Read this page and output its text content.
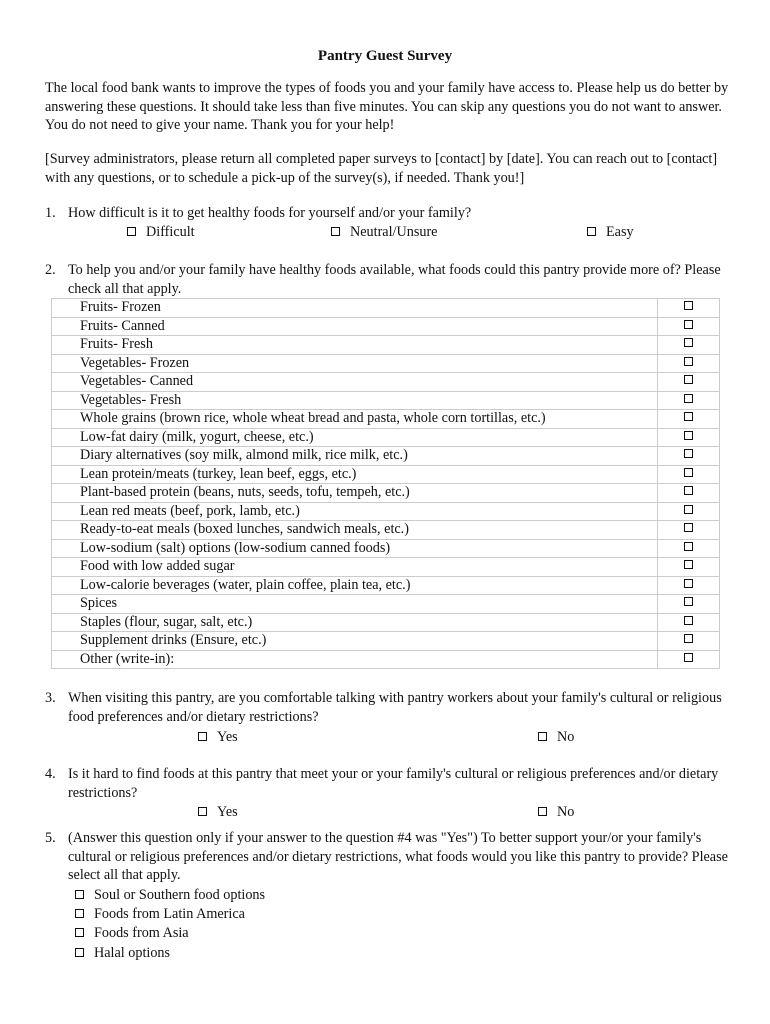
Pantry Guest Survey

The local food bank wants to improve the types of foods you and your family have access to. Please help us do better by answering these questions. It should take less than five minutes. You can skip any questions you do not want to answer. You do not need to give your name. Thank you for your help!

[Survey administrators, please return all completed paper surveys to [contact] by [date]. You can reach out to [contact] with any questions, or to schedule a pick-up of the survey(s), if needed. Thank you!]

1. How difficult is it to get healthy foods for yourself and/or your family?
Difficult	Neutral/Unsure	Easy
2. To help you and/or your family have healthy foods available, what foods could this pantry provide more of? Please check all that apply.
Fruits- Frozen	
Fruits- Canned	
Fruits- Fresh	
Vegetables- Frozen	
Vegetables- Canned	
Vegetables- Fresh	
Whole grains (brown rice, whole wheat bread and pasta, whole corn tortillas, etc.)	
Low-fat dairy (milk, yogurt, cheese, etc.)	
Diary alternatives (soy milk, almond milk, rice milk, etc.)	
Lean protein/meats (turkey, lean beef, eggs, etc.)	
Plant-based protein (beans, nuts, seeds, tofu, tempeh, etc.)	
Lean red meats (beef, pork, lamb, etc.)	
Ready-to-eat meals (boxed lunches, sandwich meals, etc.)	
Low-sodium (salt) options (low-sodium canned foods)	
Food with low added sugar	
Low-calorie beverages (water, plain coffee, plain tea, etc.)	
Spices	
Staples (flour, sugar, salt, etc.)	
Supplement drinks (Ensure, etc.)	
Other (write-in):	
3. When visiting this pantry, are you comfortable talking with pantry workers about your family's cultural or religious food preferences and/or dietary restrictions?
Yes	No
4. Is it hard to find foods at this pantry that meet your or your family's cultural or religious preferences and/or dietary restrictions?
Yes	No
5. (Answer this question only if your answer to the question #4 was "Yes") To better support your/or your family's cultural or religious preferences and/or dietary restrictions, what foods would you like this pantry to provide? Please select all that apply.
Soul or Southern food options
Foods from Latin America
Foods from Asia
Halal options
